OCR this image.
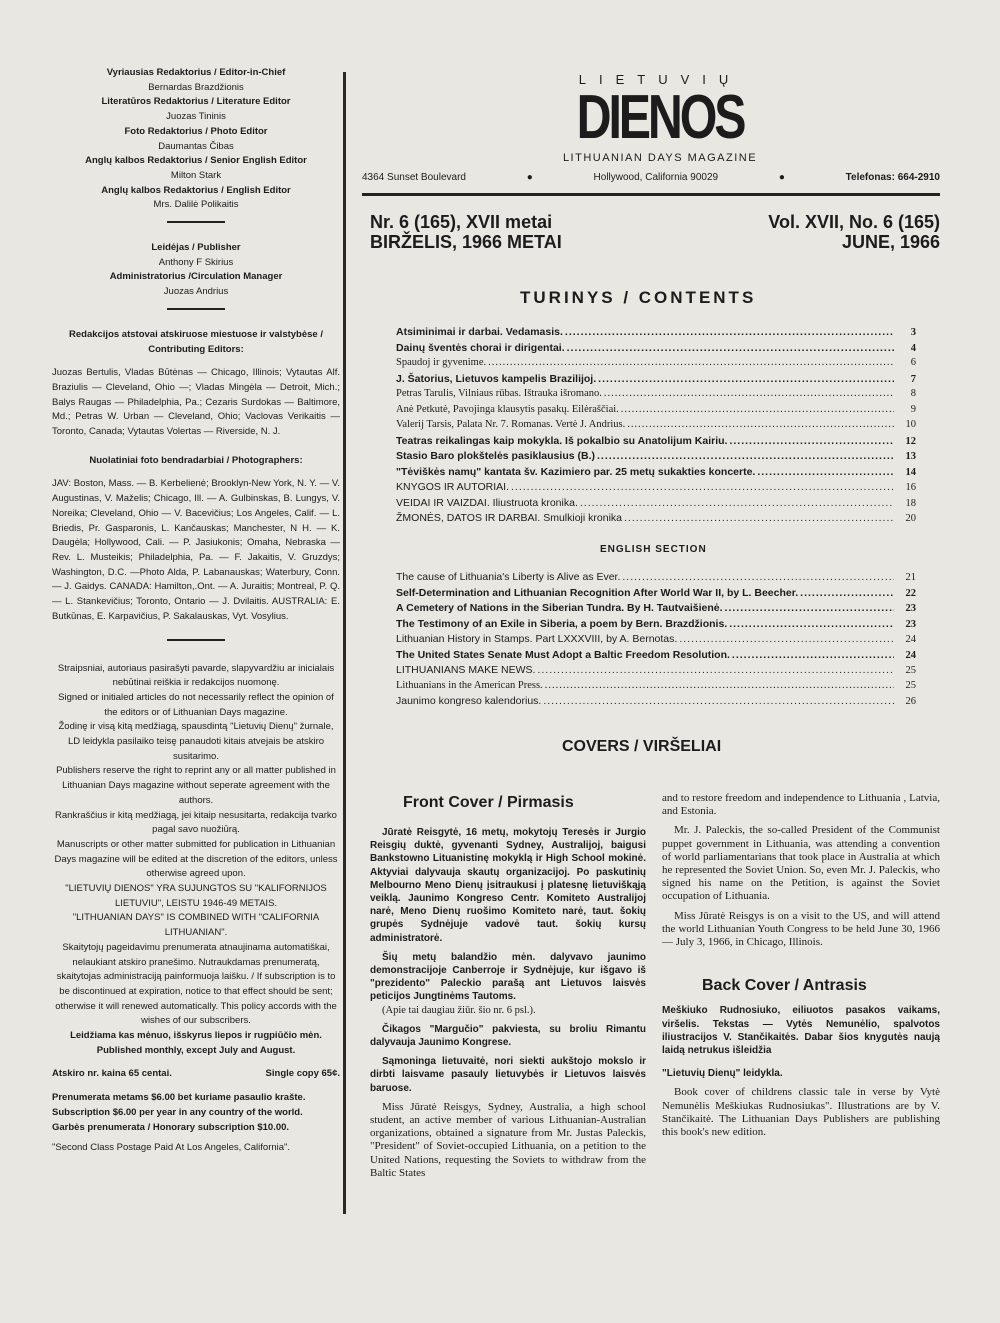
Vyriausias Redaktorius / Editor-in-Chief
Bernardas Brazdžionis
Literatūros Redaktorius / Literature Editor
Juozas Tininis
Foto Redaktorius / Photo Editor
Daumantas Čibas
Anglų kalbos Redaktorius / Senior English Editor
Milton Stark
Anglų kalbos Redaktorius / English Editor
Mrs. Dalilė Polikaitis
Leidėjas / Publisher
Anthony F Skirius
Administratorius /Circulation Manager
Juozas Andrius
Redakcijos atstovai atskiruose miestuose ir valstybėse / Contributing Editors:
Juozas Bertulis, Vladas Būtėnas — Chicago, Illinois; Vytautas Alf. Braziulis — Cleveland, Ohio —; Vladas Mingėla — Detroit, Mich.; Balys Raugas — Philadelphia, Pa.; Cezaris Surdokas — Baltimore, Md.; Petras W. Urban — Cleveland, Ohio; Vaclovas Verikaitis — Toronto, Canada; Vytautas Volertas — Riverside, N. J.
Nuolatiniai foto bendradarbiai / Photographers:
JAV: Boston, Mass. — B. Kerbelienė; Brooklyn-New York, N. Y. — V. Augustinas, V. Maželis; Chicago, Ill. — A. Gulbinskas, B. Lungys, V. Noreika; Cleveland, Ohio — V. Bacevičius; Los Angeles, Calif. — L. Briedis, Pr. Gasparonis, L. Kančauskas; Manchester, N H. — K. Daugėla; Hollywood, Cali. — P. Jasiukonis; Omaha, Nebraska — Rev. L. Musteikis; Philadelphia, Pa. — F. Jakaitis, V. Gruzdys; Washington, D.C. —Photo Alda, P. Labanauskas; Waterbury, Conn. — J. Gaidys. CANADA: Hamilton,.Ont. — A. Juraitis; Montreal, P. Q. — L. Stankevičius; Toronto, Ontario — J. Dvilaitis. AUSTRALIA: E. Butkūnas, E. Karpavičius, P. Sakalauskas, Vyt. Vosylius.
Straipsniai, autoriaus pasirašyti pavarde, slapyvardžiu ar inicialais nebūtinai reiškia ir redakcijos nuomonę.
Signed or initialed articles do not necessarily reflect the opinion of the editors or of Lithuanian Days magazine.
Žodinę ir visą kitą medžiagą, spausdintą "Lietuvių Dienų" žurnale, LD leidykla pasilaiko teisę panaudoti kitais atvejais be atskiro susitarimo.
Publishers reserve the right to reprint any or all matter published in Lithuanian Days magazine without seperate agreement with the authors.
Rankraščius ir kitą medžiagą, jei kitaip nesusitarta, redakcija tvarko pagal savo nuožiūrą.
Manuscripts or other matter submitted for publication in Lithuanian Days magazine will be edited at the discretion of the editors, unless otherwise agreed upon.
"LIETUVIŲ DIENOS" YRA SUJUNGTOS SU "KALIFORNIJOS LIETUVIU", LEISTU 1946-49 METAIS.
"LITHUANIAN DAYS" IS COMBINED WITH "CALIFORNIA LITHUANIAN".
Skaitytojų pageidavimu prenumerata atnaujinama automatiškai, nelaukiant atskiro pranešimo. Nutraukdamas prenumeratą, skaitytojas administraciją painformuoja laišku. / If subscription is to be discontinued at expiration, notice to that effect should be sent; otherwise it will renewed automatically. This policy accords with the wishes of our subscribers.
Leidžiama kas mėnuo, išskyrus liepos ir rugpiūčio mėn. Published monthly, except July and August.
Atskiro nr. kaina 65 centai.	Single copy 65¢.
Prenumerata metams $6.00 bet kuriame pasaulio krašte.
Subscription $6.00 per year in any country of the world.
Garbės prenumerata / Honorary subscription $10.00.
"Second Class Postage Paid At Los Angeles, California".
LIETUVIŲ
DIENOS
LITHUANIAN DAYS MAGAZINE
4364 Sunset Boulevard	●	Hollywood, California 90029	●	Telefonas: 664-2910
Nr. 6 (165), XVII metai
BIRŽELIS, 1966 METAI
Vol. XVII, No. 6 (165)
JUNE, 1966
TURINYS / CONTENTS
Atsiminimai ir darbai. Vedamasis. .....	3
Dainų šventės chorai ir dirigentai. .....	4
Spaudoj ir gyvenime. .....	6
J. Šatorius, Lietuvos kampelis Brazilijoj. .....	7
Petras Tarulis, Vilniaus rūbas. Ištrauka išromano. .....	8
Anė Petkutė, Pavojinga klausytis pasakų. Eilėraščiai. .....	9
Valerij Tarsis, Palata Nr. 7. Romanas. Vertė J. Andrius. .....	10
Teatras reikalingas kaip mokykla. Iš pokalbio su Anatolijum Kairiu. .....	12
Stasio Baro plokštelės pasiklausius (B.) .....	13
"Tėviškės namų" kantata šv. Kazimiero par. 25 metų sukakties koncerte. .....	14
KNYGOS IR AUTORIAI. .....	16
VEIDAI IR VAIZDAI. Iliustruota kronika. .....	18
ŽMONĖS, DATOS IR DARBAI. Smulkioji kronika .....	20
ENGLISH SECTION
The cause of Lithuania's Liberty is Alive as Ever. .....	21
Self-Determination and Lithuanian Recognition After World War II, by L. Beecher. .....	22
A Cemetery of Nations in the Siberian Tundra. By H. Tautvaišienė. .....	23
The Testimony of an Exile in Siberia, a poem by Bern. Brazdžionis. .....	23
Lithuanian History in Stamps. Part LXXXVIII, by A. Bernotas. .....	24
The United States Senate Must Adopt a Baltic Freedom Resolution. .....	24
LITHUANIANS MAKE NEWS. .....	25
Lithuanians in the American Press. .....	25
Jaunimo kongreso kalendorius. .....	26
COVERS / VIRŠELIAI
Front Cover / Pirmasis

Jūratė Reisgytė, 16 metų, mokytojų Teresės ir Jurgio Reisgių duktė, gyvenanti Sydney, Australijoj, baigusi Bankstowno Lituanistinę mokyklą ir High School mokinė. Aktyviai dalyvauja skautų organizacijoj. Po paskutinių Melbourno Meno Dienų įsitraukusi į platesnę lietuviškąją veiklą. Jaunimo Kongreso Centr. Komiteto Australijoj narė, Meno Dienų ruošimo Komiteto narė, taut. šokių grupės Sydnėjuje vadovė taut. šokių kursų administratorė.

Šių metų balandžio mėn. dalyvavo jaunimo demonstracijoje Canberroje ir Sydnėjuje, kur išgavo iš "prezidento" Paleckio parašą ant Lietuvos laisvės peticijos Jungtinėms Tautoms.

(Apie tai daugiau žiūr. šio nr. 6 psl.).

Čikagos "Margučio" pakviesta, su broliu Rimantu dalyvauja Jaunimo Kongrese.

Sąmoninga lietuvaitė, nori siekti aukštojo mokslo ir dirbti laisvame pasauly lietuvybės ir Lietuvos laisvės baruose.

Miss Jūratė Reisgys, Sydney, Australia, a high school student, an active member of various Lithuanian-Australian organizations, obtained a signature from Mr. Justas Paleckis, "President" of Soviet-occupied Lithuania, on a petition to the United Nations, requesting the Soviets to withdraw from the Baltic States

and to restore freedom and independence to Lithuania , Latvia, and Estonia.

Mr. J. Paleckis, the so-called President of the Communist puppet government in Lithuania, was attending a convention of world parliamentarians that took place in Australia at which he represented the Soviet Union. So, even Mr. J. Paleckis, who signed his name on the Petition, is against the Soviet occupation of Lithuania.

Miss Jūratė Reisgys is on a visit to the US, and will attend the world Lithuanian Youth Congress to be held June 30, 1966 — July 3, 1966, in Chicago, Illinois.

Back Cover / Antrasis

Meškiuko Rudnosiuko, eiliuotos pasakos vaikams, viršelis. Tekstas — Vytės Nemunėlio, spalvotos iliustracijos V. Stančikaitės. Dabar šios knygutės naują laidą netrukus išleidžia

"Lietuvių Dienų" leidykla.

Book cover of childrens classic tale in verse by Vytė Nemunėlis Meškiukas Rudnosiukas". Illustrations are by V. Stančikaitė. The Lithuanian Days Publishers are publishing this book's new edition.
